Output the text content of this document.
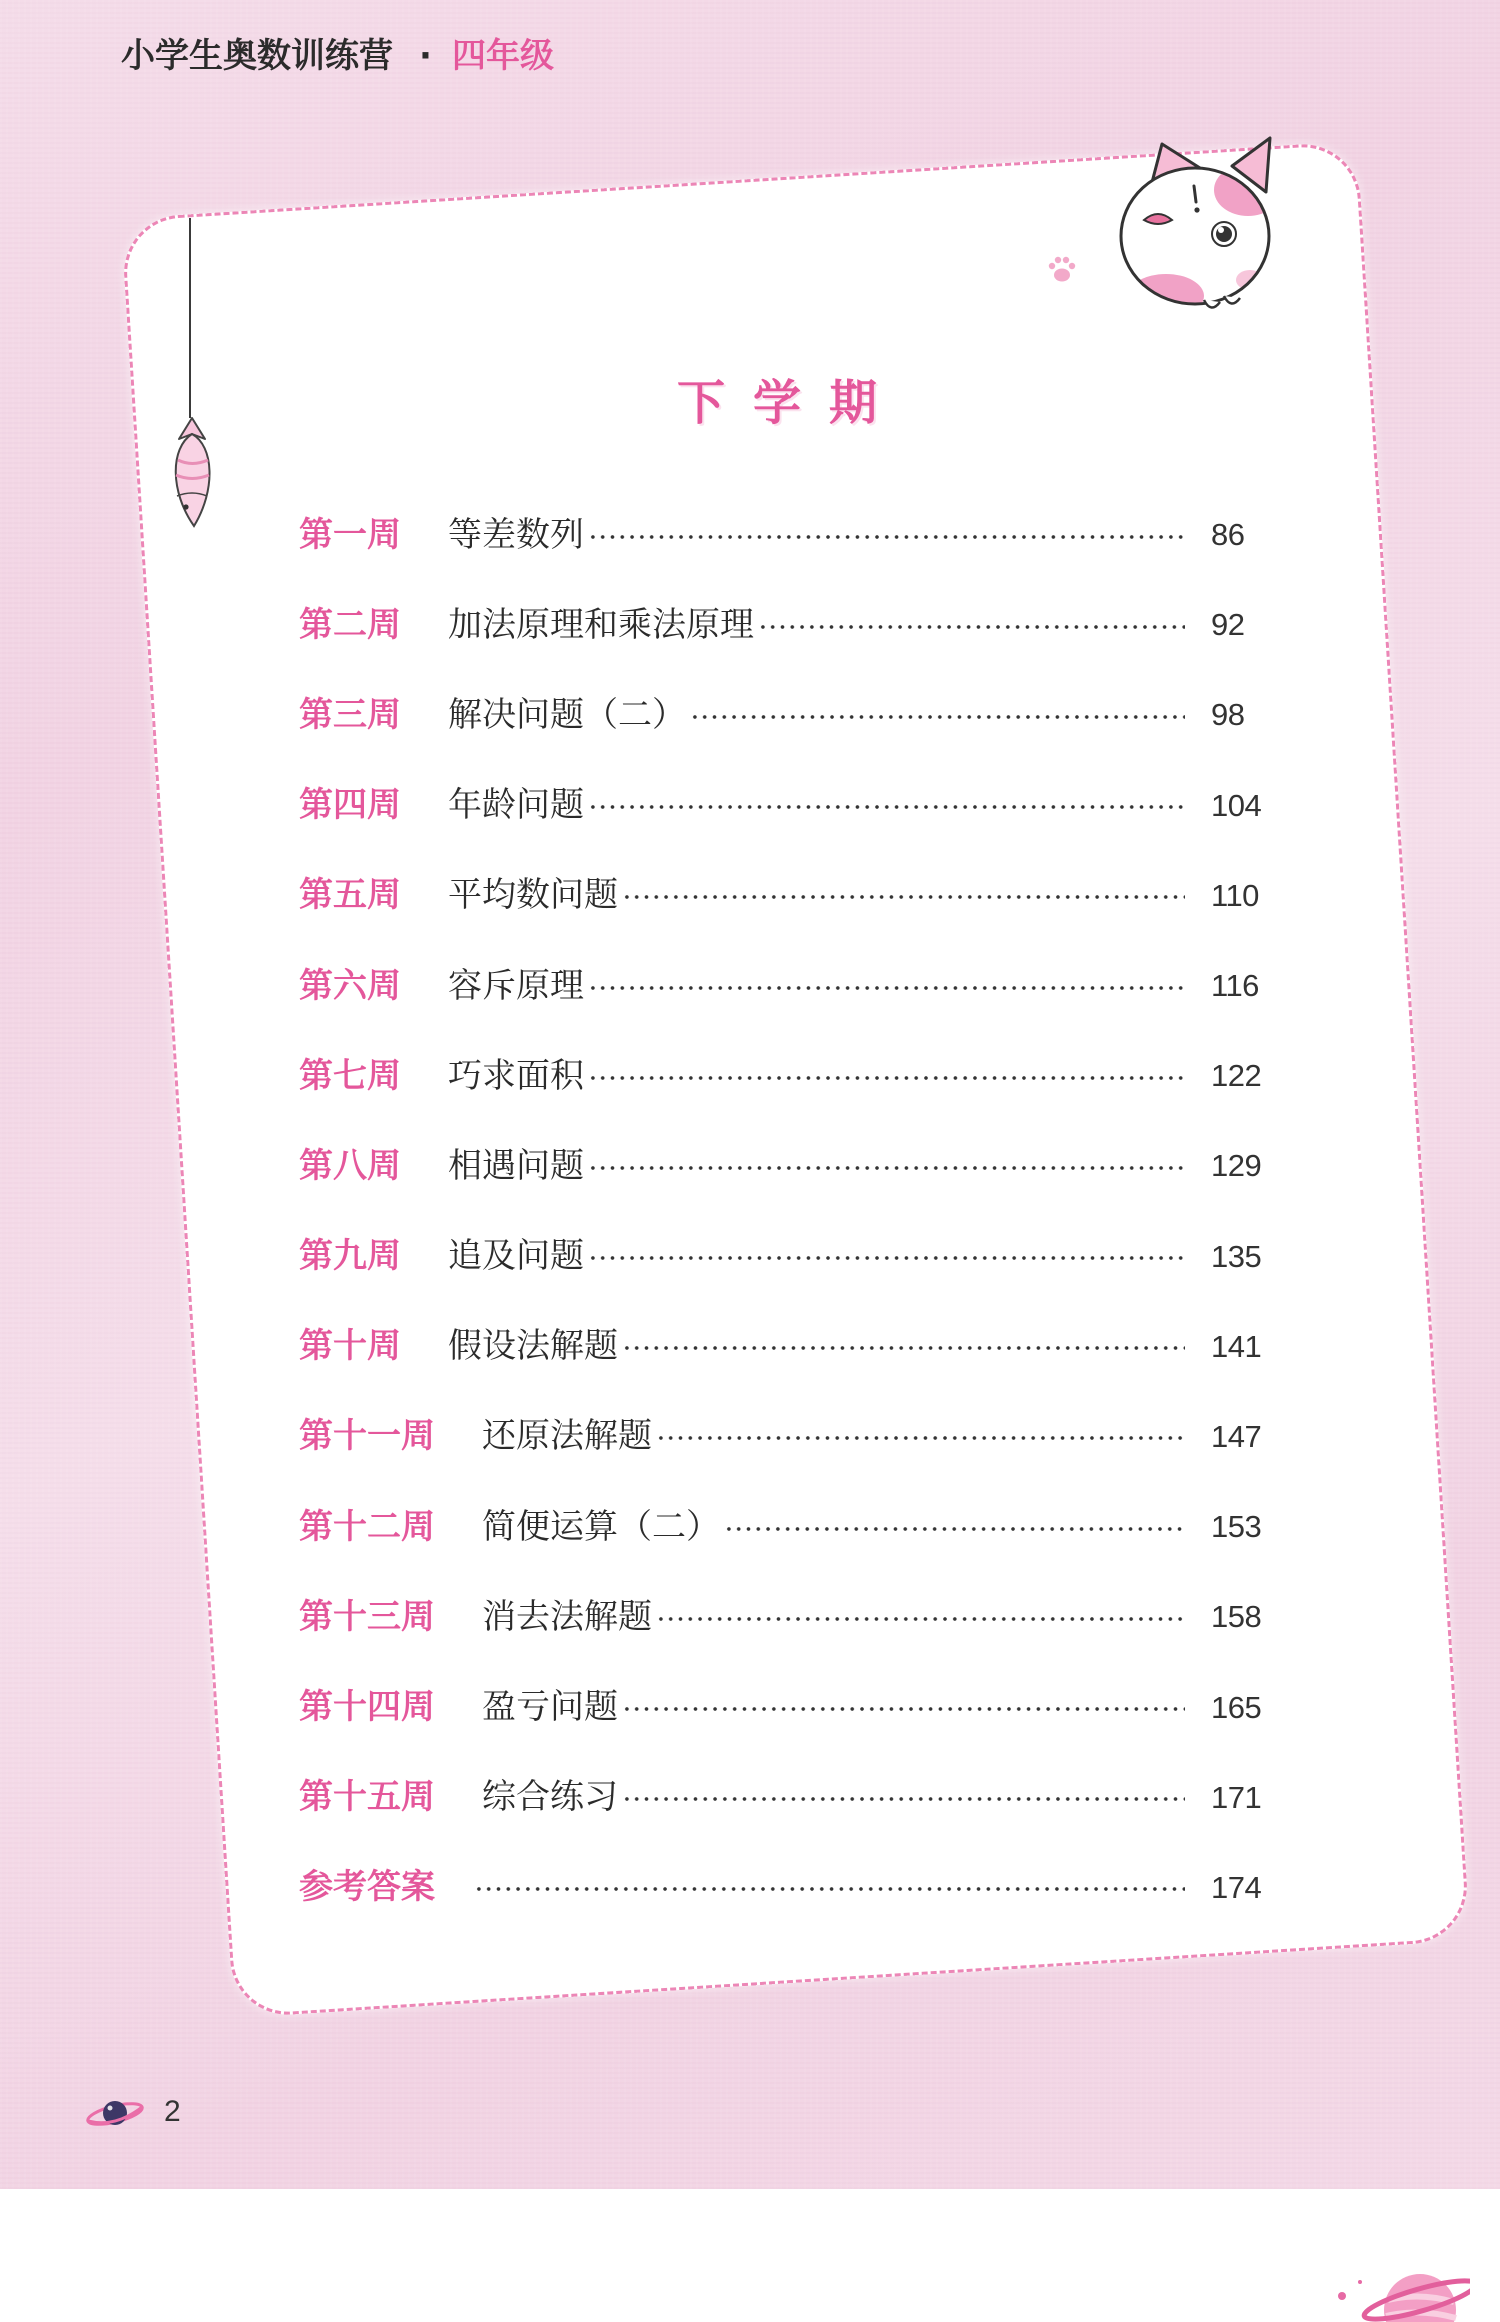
小学生奥数训练营 · 四年级
下学期
第一周 等差数列	86
第二周 加法原理和乘法原理	92
第三周 解决问题（二）	98
第四周 年龄问题	104
第五周 平均数问题	110
第六周 容斥原理	116
第七周 巧求面积	122
第八周 相遇问题	129
第九周 追及问题	135
第十周 假设法解题	141
第十一周 还原法解题	147
第十二周 简便运算（二）	153
第十三周 消去法解题	158
第十四周 盈亏问题	165
第十五周 综合练习	171
参考答案	174
2
